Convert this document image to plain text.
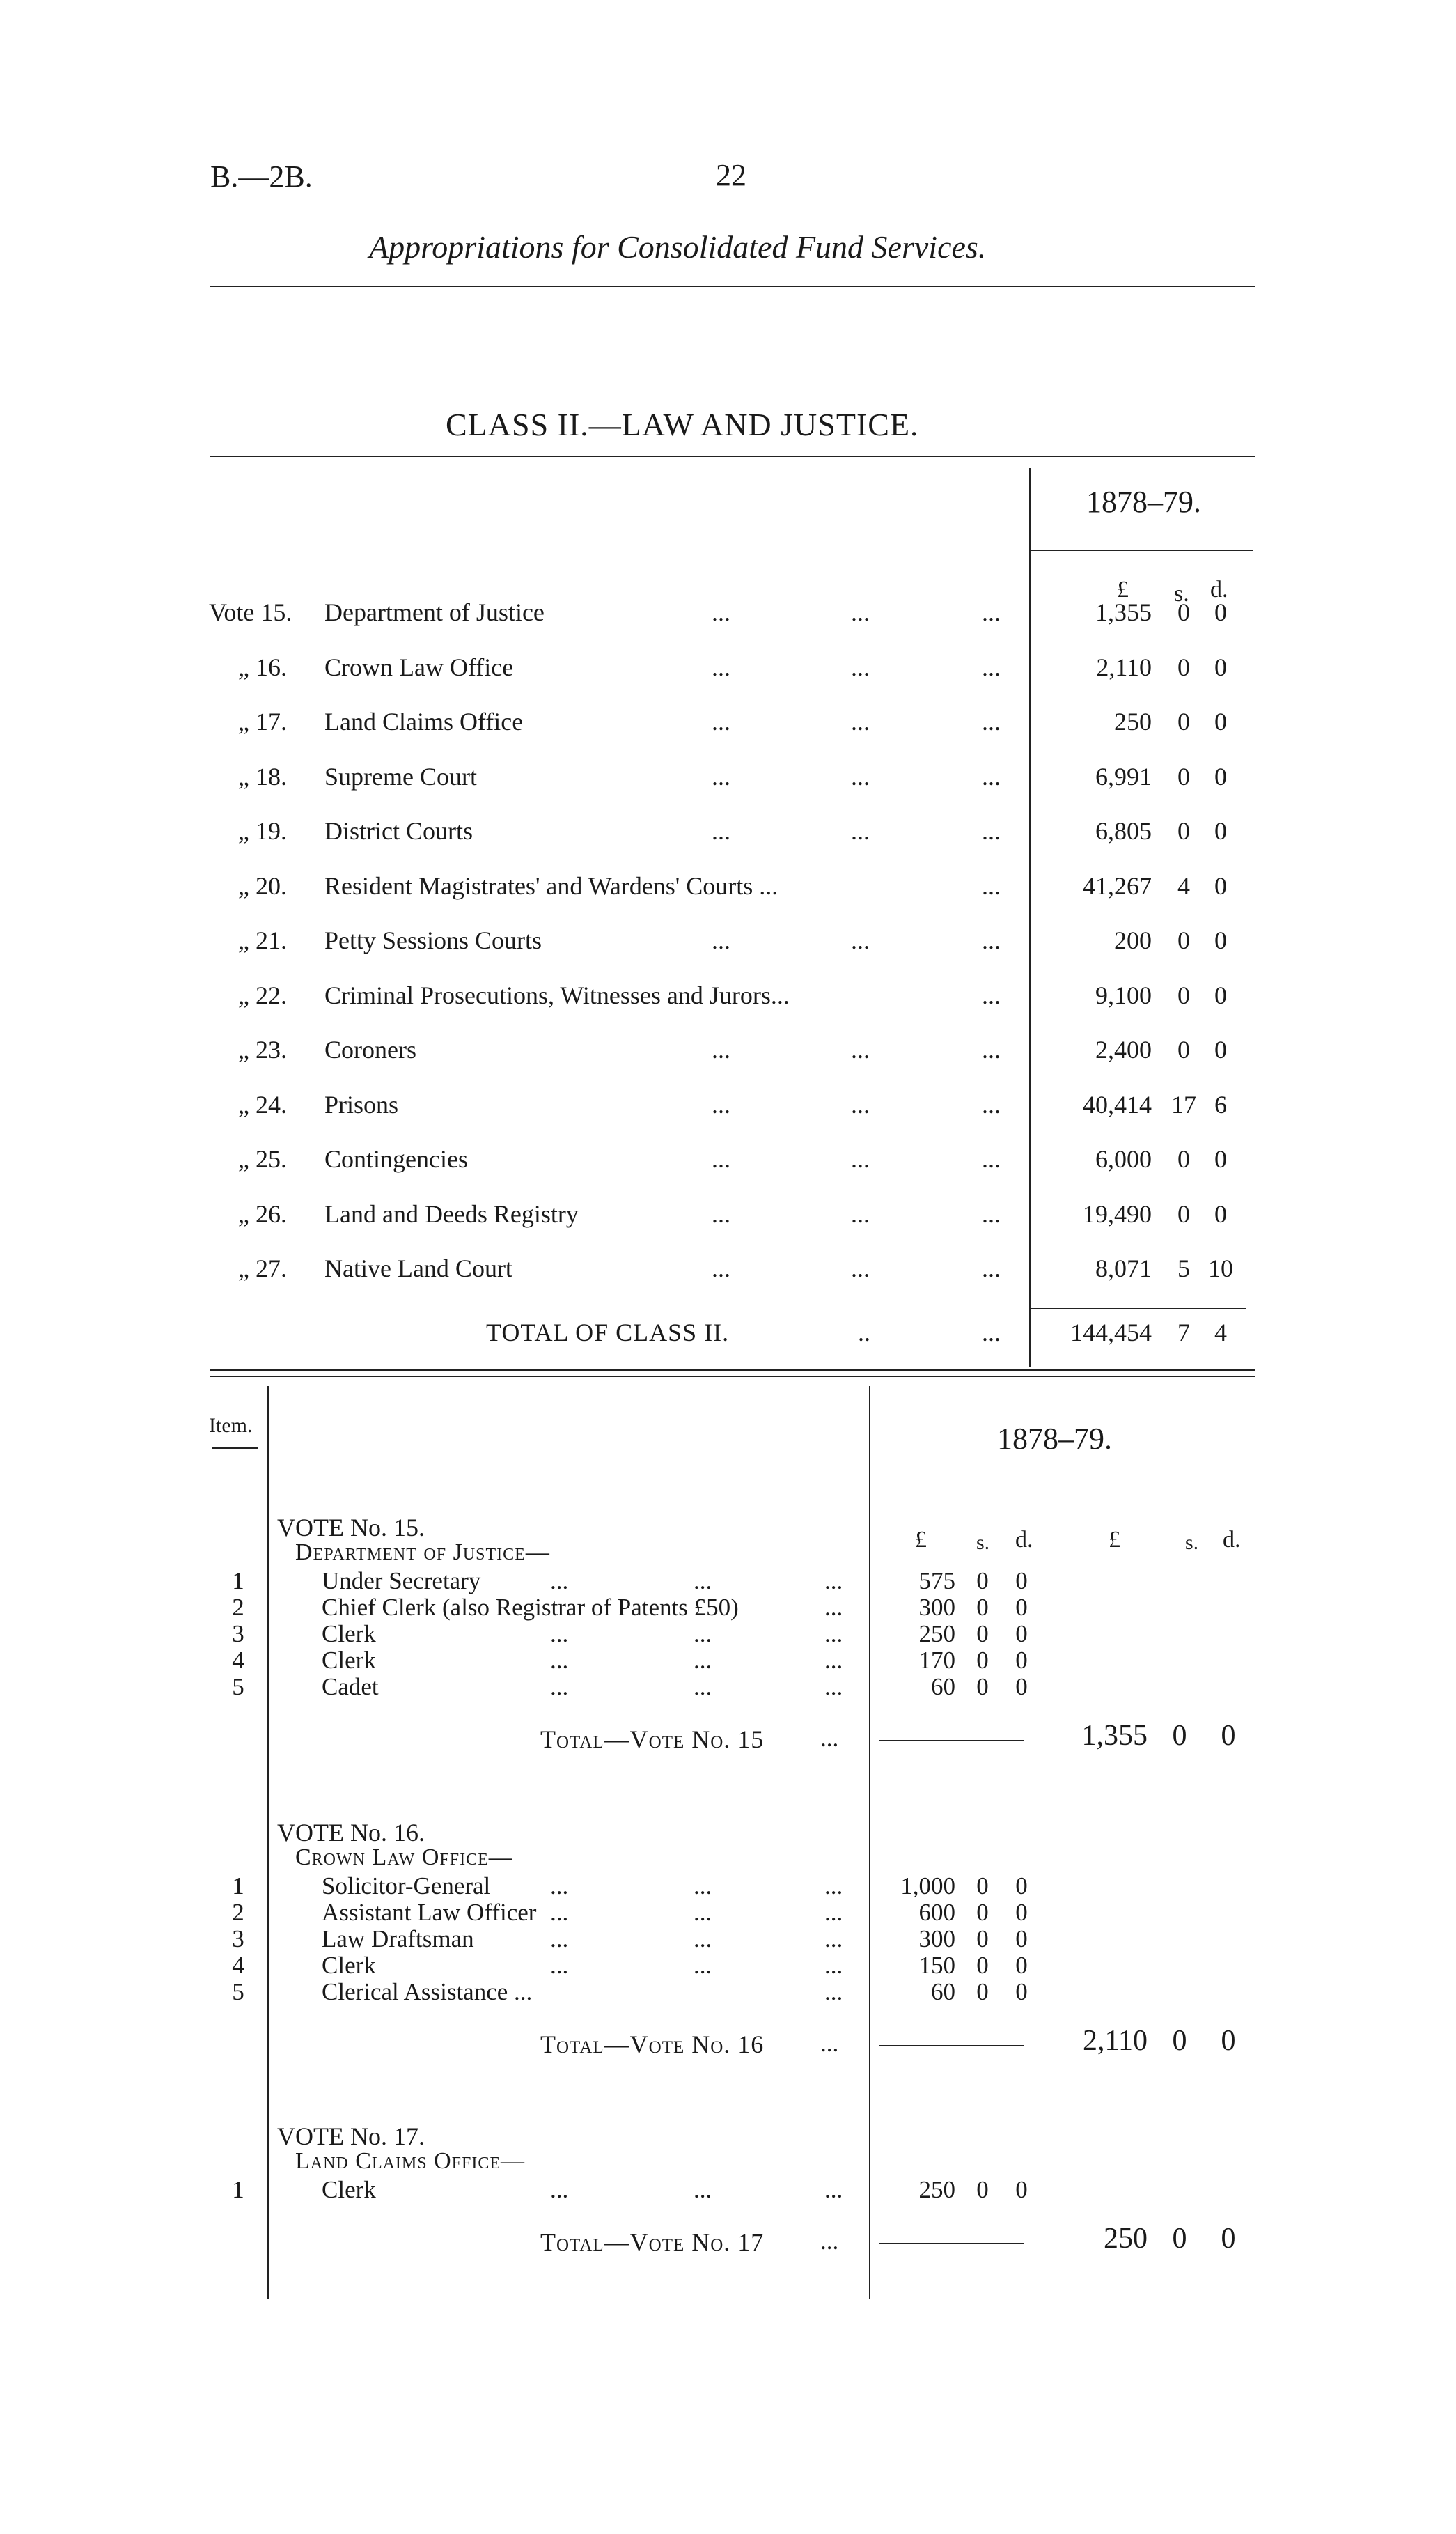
B.—2B.	22
Appropriations for Consolidated Fund Services.
CLASS II.—LAW AND JUSTICE.
1878–79.
£ s. d.
Vote 15. Department of Justice	...	...	...	1,355	0 0
„ 16. Crown Law Office	...	...	...	2,110	0 0
„ 17. Land Claims Office	...	...	...	250	0 0
„ 18. Supreme Court	...	...	...	6,991	0 0
„ 19. District Courts	...	...	...	6,805	0 0
„ 20. Resident Magistrates' and Wardens' Courts ...	...	41,267	4 0
„ 21. Petty Sessions Courts	...	...	...	200	0 0
„ 22. Criminal Prosecutions, Witnesses and Jurors...	...	9,100	0 0
„ 23. Coroners	...	...	...	2,400	0 0
„ 24. Prisons	...	...	...	40,414 17 6
„ 25. Contingencies	...	...	...	6,000	0 0
„ 26. Land and Deeds Registry	...	...	...	19,490	0 0
„ 27. Native Land Court	...	...	...	8,071	5 10
TOTAL OF CLASS II.	..	...	144,454	7 4
Item.	1878–79.
£ s. d.	£	s. d.
VOTE No. 15.
Department of Justice—
1	Under Secretary	...	...	...	575 0 0
2	Chief Clerk (also Registrar of Patents £50)	...	300 0 0
3	Clerk	...	...	...	250 0 0
4	Clerk	...	...	...	170 0 0
5	Cadet	...	...	...	60 0 0
Total—Vote No. 15 ...	1,355 0 0
VOTE No. 16.
Crown Law Office—
1	Solicitor-General ...	...	...	1,000 0 0
2	Assistant Law Officer ...	...	...	600 0 0
3	Law Draftsman	...	...	...	300 0 0
4	Clerk	...	...	...	150 0 0
5	Clerical Assistance ...	...	60 0 0
Total—Vote No. 16 ...	2,110 0 0
VOTE No. 17.
Land Claims Office—
1	Clerk	...	...	...	250 0 0
Total—Vote No. 17 ...	250 0 0
